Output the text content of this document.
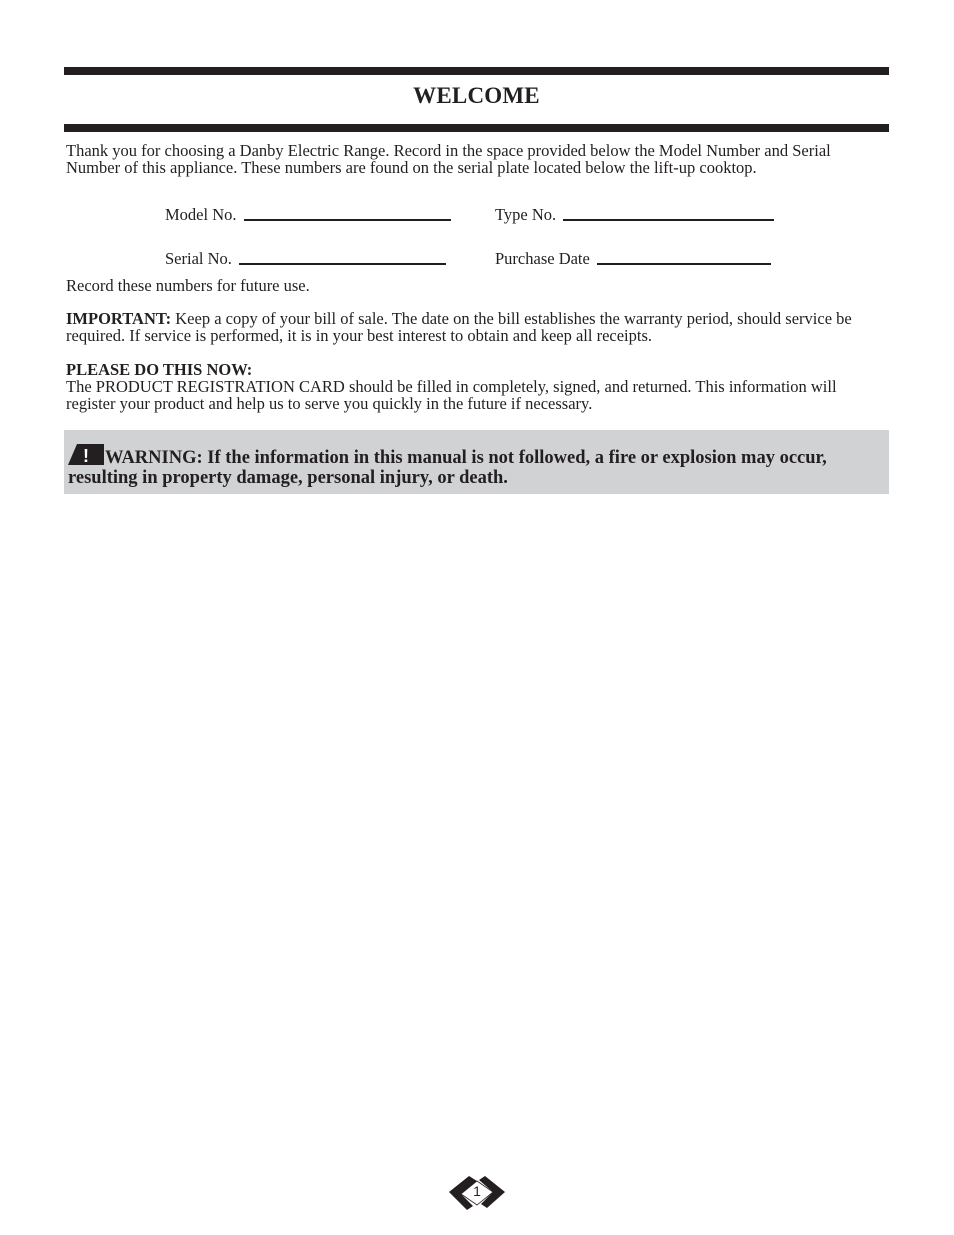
WELCOME

Thank you for choosing a Danby Electric Range. Record in the space provided below the Model Number and Serial Number of this appliance. These numbers are found on the serial plate located below the lift-up cooktop.

Model No.	Type No.
Serial No.	Purchase Date

Record these numbers for future use.

IMPORTANT: Keep a copy of your bill of sale. The date on the bill establishes the warranty period, should service be required. If service is performed, it is in your best interest to obtain and keep all receipts.

PLEASE DO THIS NOW:
The PRODUCT REGISTRATION CARD should be filled in completely, signed, and returned. This information will register your product and help us to serve you quickly in the future if necessary.

! WARNING: If the information in this manual is not followed, a fire or explosion may occur, resulting in property damage, personal injury, or death.

1
